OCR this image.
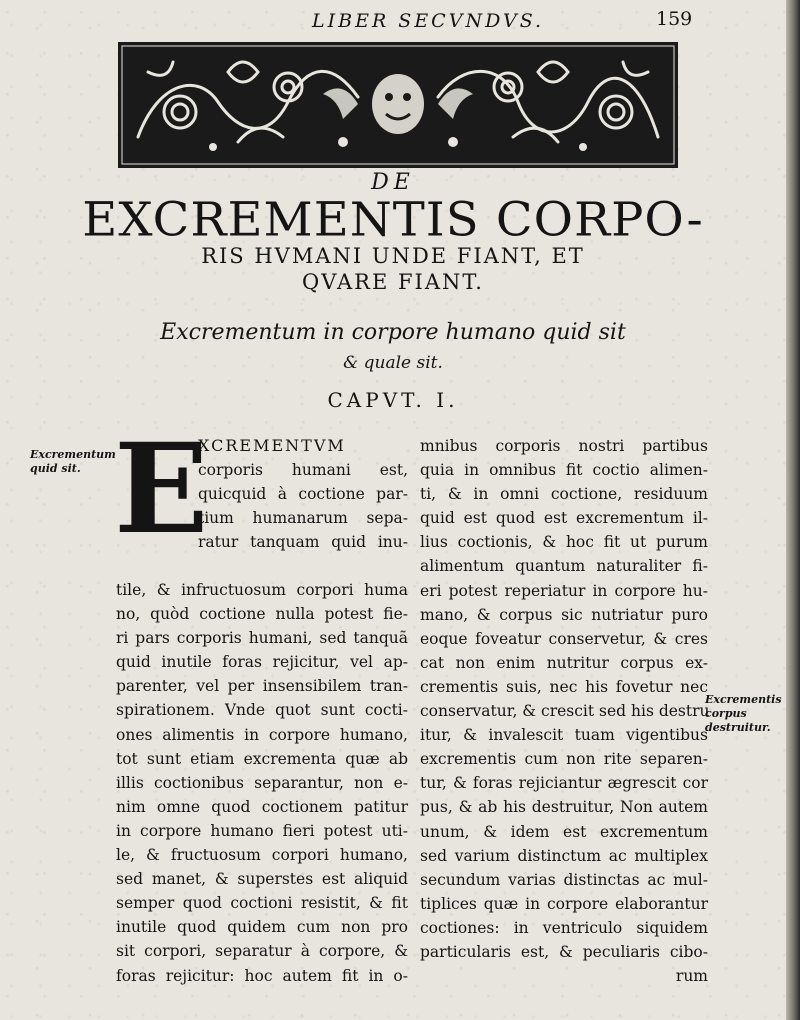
LIBER SECVNDVS.	159
DE
EXCREMENTIS CORPO-
RIS HVMANI UNDE FIANT, ET
QVARE FIANT.
Excrementum in corpore humano quid sit
& quale sit.
CAPVT. I.
Excrementum quid sit.
Excrementis corpus destruitur.
E
XCREMENTVM
corporis humani est,
quicquid à coctione par-
tium humanarum sepa-
ratur tanquam quid inu-
tile, & infructuosum corpori huma
no, quòd coctione nulla potest fie-
ri pars corporis humani, sed tanquã
quid inutile foras rejicitur, vel ap-
parenter, vel per insensibilem tran-
spirationem. Vnde quot sunt cocti-
ones alimentis in corpore humano,
tot sunt etiam excrementa quæ ab
illis coctionibus separantur, non e-
nim omne quod coctionem patitur
in corpore humano fieri potest uti-
le, & fructuosum corpori humano,
sed manet, & superstes est aliquid
semper quod coctioni resistit, & fit
inutile quod quidem cum non pro
sit corpori, separatur à corpore, &
foras rejicitur: hoc autem fit in o-
mnibus corporis nostri partibus
quia in omnibus fit coctio alimen-
ti, & in omni coctione, residuum
quid est quod est excrementum il-
lius coctionis, & hoc fit ut purum
alimentum quantum naturaliter fi-
eri potest reperiatur in corpore hu-
mano, & corpus sic nutriatur puro
eoque foveatur conservetur, & cres
cat non enim nutritur corpus ex-
crementis suis, nec his fovetur nec
conservatur, & crescit sed his destru
itur, & invalescit tuam vigentibus
excrementis cum non rite separen-
tur, & foras rejiciantur ægrescit cor
pus, & ab his destruitur, Non autem
unum, & idem est excrementum
sed varium distinctum ac multiplex
secundum varias distinctas ac mul-
tiplices quæ in corpore elaborantur
coctiones: in ventriculo siquidem
particularis est, & peculiaris cibo-
rum
